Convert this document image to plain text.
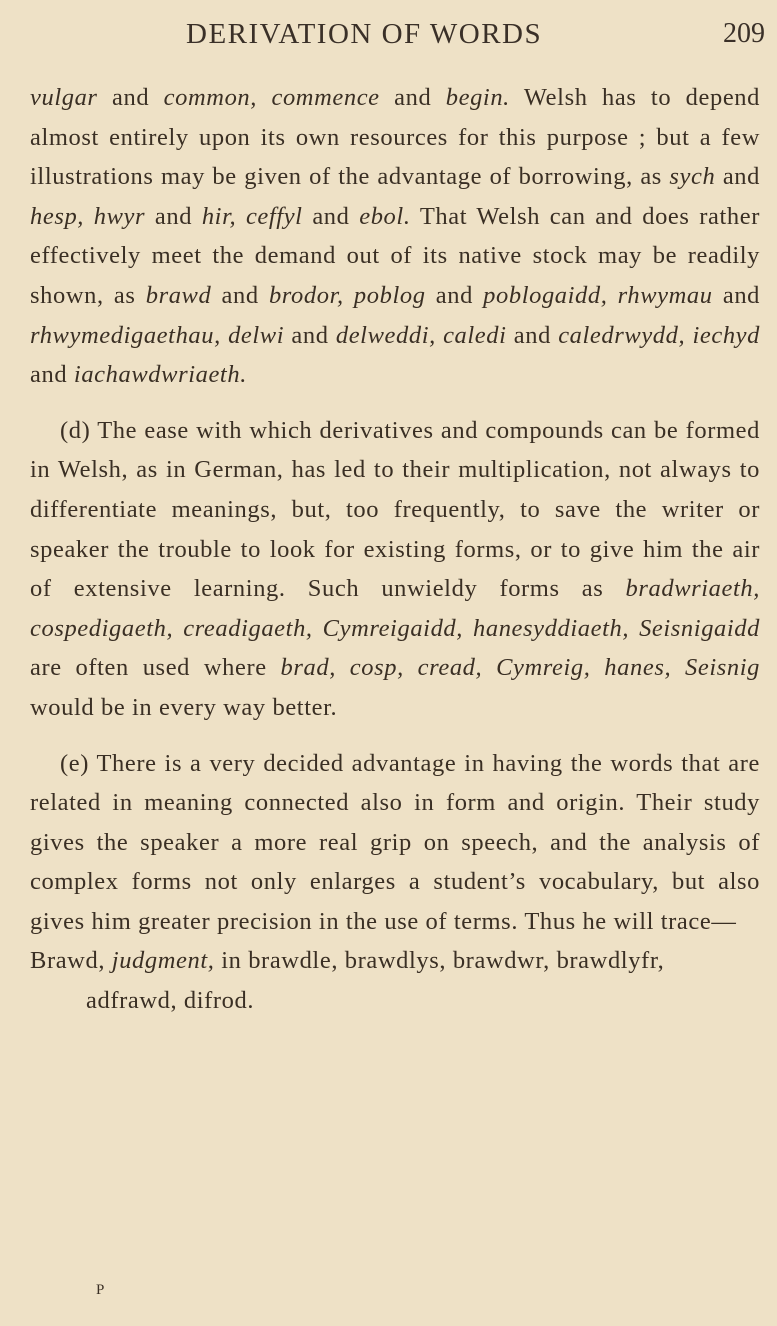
DERIVATION OF WORDS	209

vulgar and common, commence and begin. Welsh has to depend almost entirely upon its own resources for this purpose ; but a few illustrations may be given of the advantage of borrowing, as sych and hesp, hwyr and hir, ceffyl and ebol. That Welsh can and does rather effectively meet the demand out of its native stock may be readily shown, as brawd and brodor, poblog and poblogaidd, rhwymau and rhwymedigaethau, delwi and delweddi, caledi and caledrwydd, iechyd and iachawdwriaeth.

(d) The ease with which derivatives and compounds can be formed in Welsh, as in German, has led to their multiplication, not always to differentiate meanings, but, too frequently, to save the writer or speaker the trouble to look for existing forms, or to give him the air of extensive learning. Such unwieldy forms as bradwriaeth, cospedigaeth, creadigaeth, Cymreigaidd, hanesyddiaeth, Seisnigaidd are often used where brad, cosp, cread, Cymreig, hanes, Seisnig would be in every way better.

(e) There is a very decided advantage in having the words that are related in meaning connected also in form and origin. Their study gives the speaker a more real grip on speech, and the analysis of complex forms not only enlarges a student’s vocabulary, but also gives him greater precision in the use of terms. Thus he will trace—

Brawd, judgment, in brawdle, brawdlys, brawdwr, brawdlyfr, adfrawd, difrod.

P
